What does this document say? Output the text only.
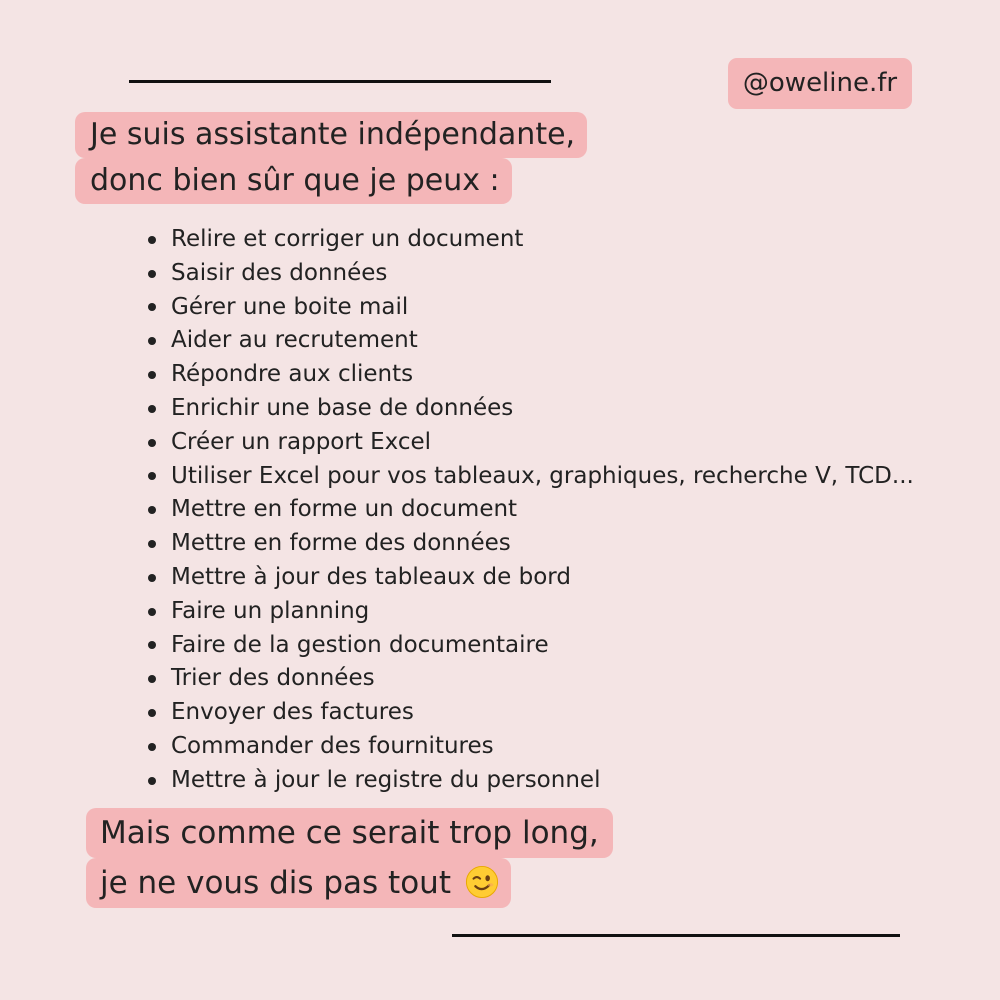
@oweline.fr
Je suis assistante indépendante,
donc bien sûr que je peux :
Relire et corriger un document
Saisir des données
Gérer une boite mail
Aider au recrutement
Répondre aux clients
Enrichir une base de données
Créer un rapport Excel
Utiliser Excel pour vos tableaux, graphiques, recherche V, TCD...
Mettre en forme un document
Mettre en forme des données
Mettre à jour des tableaux de bord
Faire un planning
Faire de la gestion documentaire
Trier des données
Envoyer des factures
Commander des fournitures
Mettre à jour le registre du personnel
Mais comme ce serait trop long,
je ne vous dis pas tout
